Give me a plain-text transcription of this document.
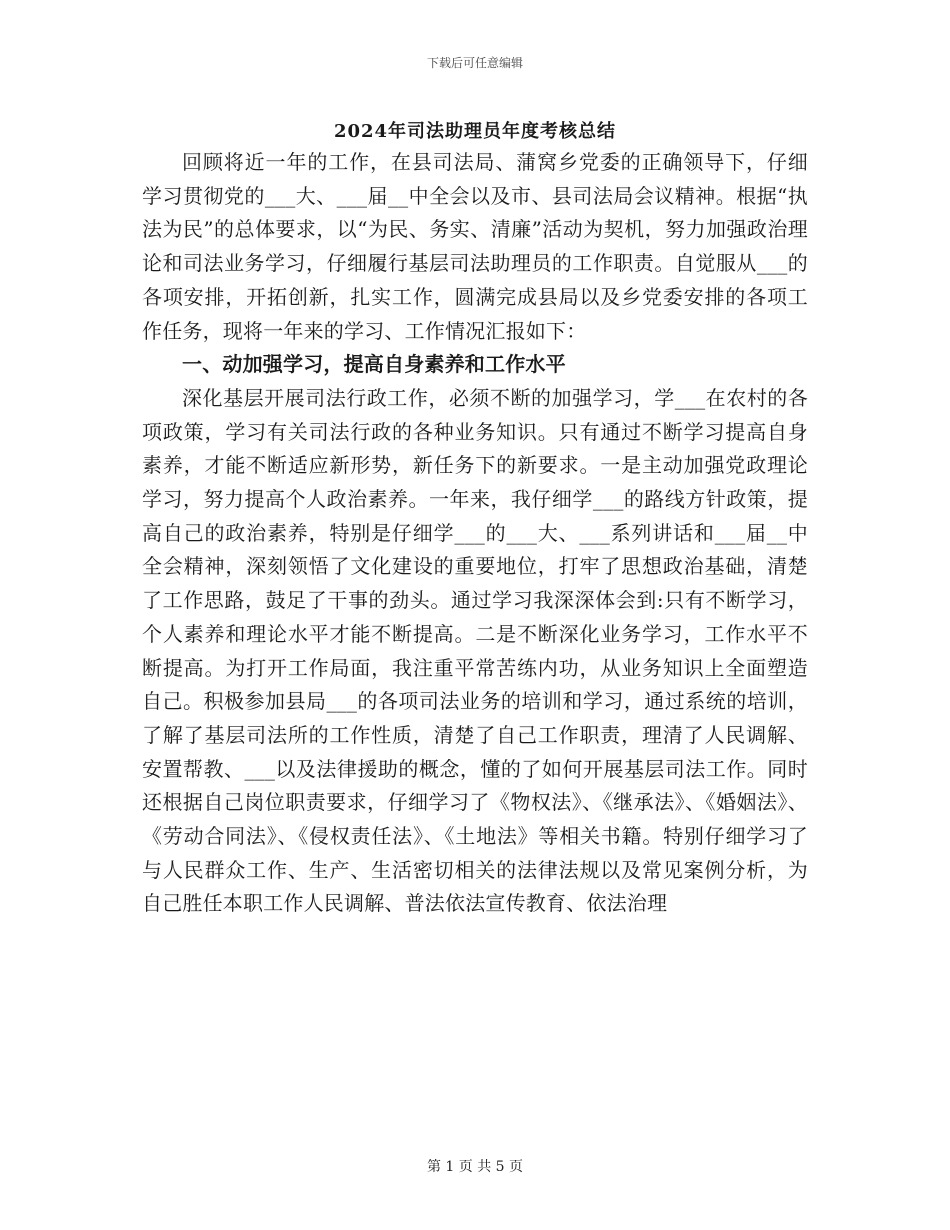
下载后可任意编辑
2024年司法助理员年度考核总结

回顾将近一年的工作，在县司法局、蒲窝乡党委的正确领导下，仔细学习贯彻党的___大、___届__中全会以及市、县司法局会议精神。根据“执法为民”的总体要求，以“为民、务实、清廉”活动为契机，努力加强政治理论和司法业务学习，仔细履行基层司法助理员的工作职责。自觉服从___的各项安排，开拓创新，扎实工作，圆满完成县局以及乡党委安排的各项工作任务，现将一年来的学习、工作情况汇报如下：

一、动加强学习，提高自身素养和工作水平

深化基层开展司法行政工作，必须不断的加强学习，学___在农村的各项政策，学习有关司法行政的各种业务知识。只有通过不断学习提高自身素养，才能不断适应新形势，新任务下的新要求。一是主动加强党政理论学习，努力提高个人政治素养。一年来，我仔细学___的路线方针政策，提高自己的政治素养，特别是仔细学___的___大、___系列讲话和___届__中全会精神，深刻领悟了文化建设的重要地位，打牢了思想政治基础，清楚了工作思路，鼓足了干事的劲头。通过学习我深深体会到:只有不断学习，个人素养和理论水平才能不断提高。二是不断深化业务学习，工作水平不断提高。为打开工作局面，我注重平常苦练内功，从业务知识上全面塑造自己。积极参加县局___的各项司法业务的培训和学习，通过系统的培训，了解了基层司法所的工作性质，清楚了自己工作职责，理清了人民调解、安置帮教、___以及法律援助的概念，懂的了如何开展基层司法工作。同时还根据自己岗位职责要求，仔细学习了《物权法》、《继承法》、《婚姻法》、《劳动合同法》、《侵权责任法》、《土地法》等相关书籍。特别仔细学习了与人民群众工作、生产、生活密切相关的法律法规以及常见案例分析，为自己胜任本职工作人民调解、普法依法宣传教育、依法治理

第 1 页 共 5 页
